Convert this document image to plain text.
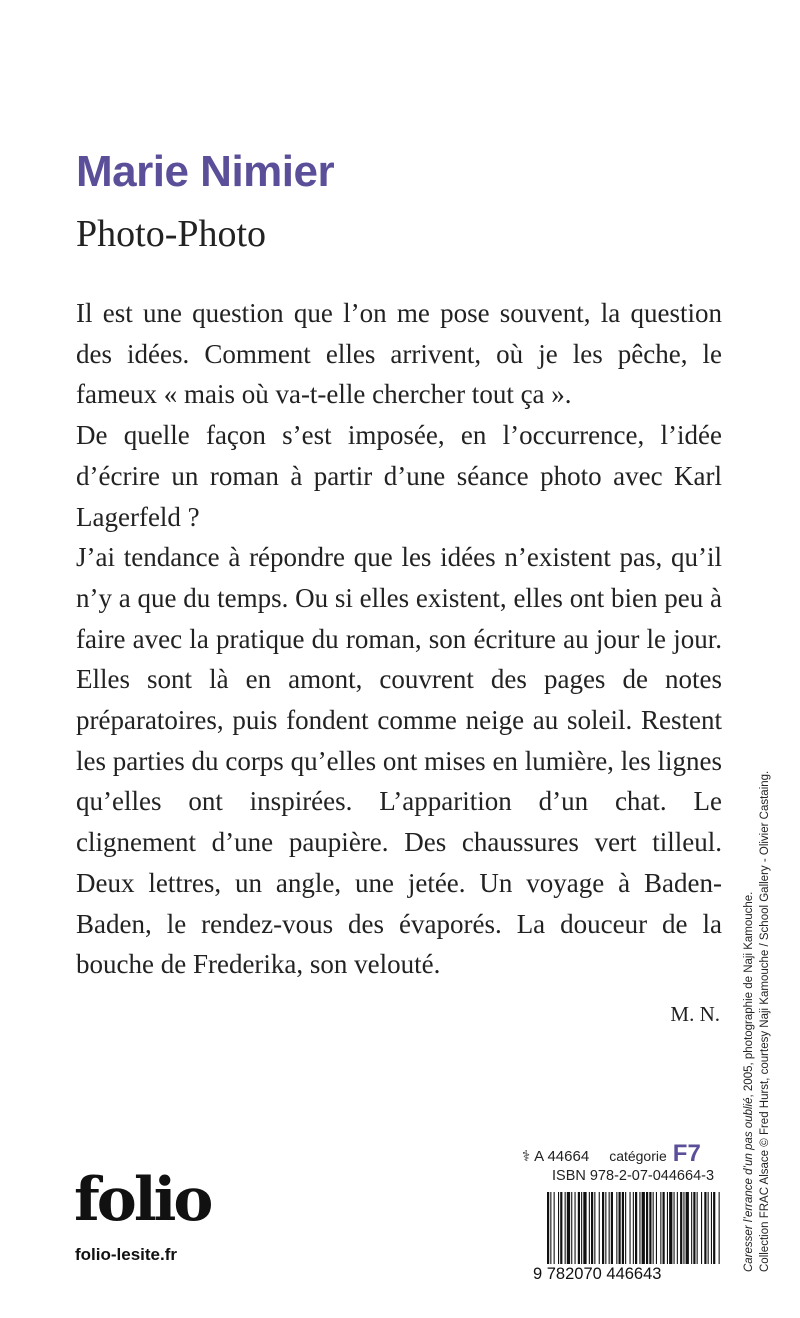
Marie Nimier
Photo-Photo

Il est une question que l’on me pose souvent, la question des idées. Comment elles arrivent, où je les pêche, le fameux « mais où va-t-elle chercher tout ça ».

De quelle façon s’est imposée, en l’occurrence, l’idée d’écrire un roman à partir d’une séance photo avec Karl Lagerfeld ?

J’ai tendance à répondre que les idées n’existent pas, qu’il n’y a que du temps. Ou si elles existent, elles ont bien peu à faire avec la pratique du roman, son écriture au jour le jour. Elles sont là en amont, couvrent des pages de notes préparatoires, puis fondent comme neige au soleil. Restent les parties du corps qu’elles ont mises en lumière, les lignes qu’elles ont inspirées. L’apparition d’un chat. Le clignement d’une paupière. Des chaussures vert tilleul. Deux lettres, un angle, une jetée. Un voyage à Baden-Baden, le rendez-vous des évaporés. La douceur de la bouche de Frederika, son velouté.

M. N.
Caresser l’errance d’un pas oublié, 2005, photographie de Naji Kamouche. Collection FRAC Alsace © Fred Hurst, courtesy Naji Kamouche / School Gallery - Olivier Castaing.
⚕ A 44664 catégorie F7
ISBN 978-2-07-044664-3
9 782070 446643
folio
folio-lesite.fr
